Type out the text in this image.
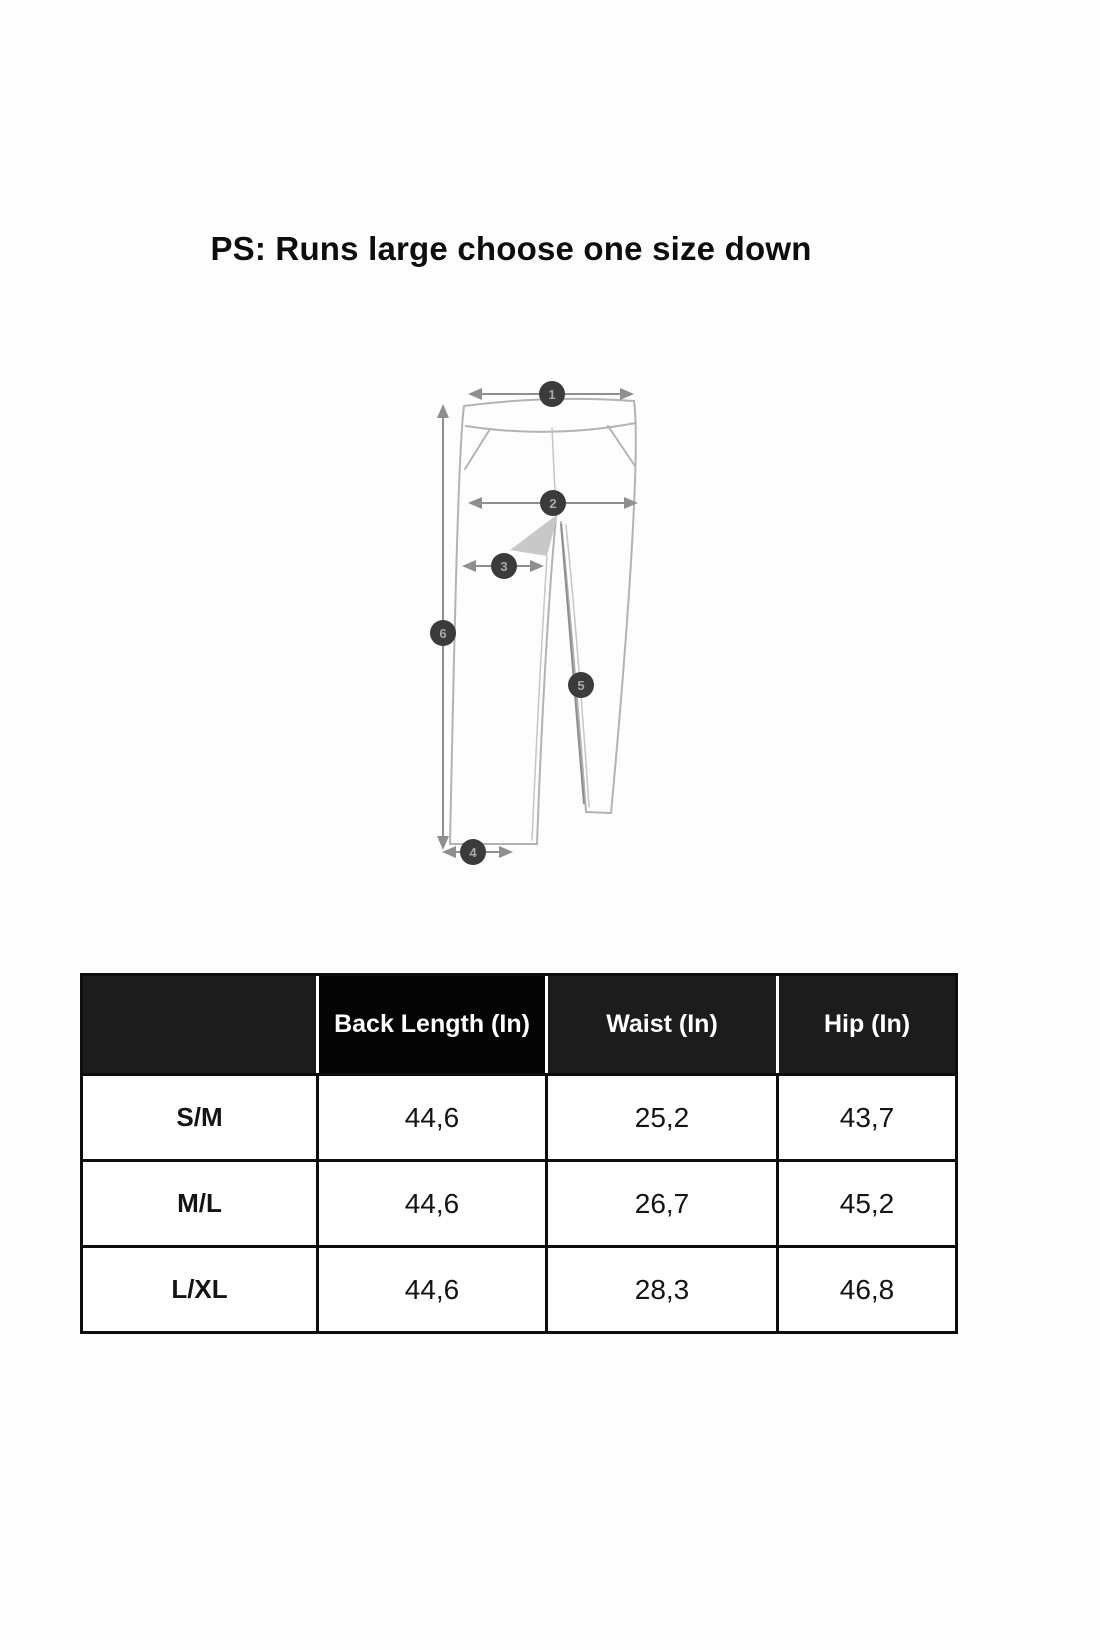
PS: Runs large choose one size down
1
2
3
4
5
6
	Back Length (In)	Waist (In)	Hip (In)
S/M	44,6	25,2	43,7
M/L	44,6	26,7	45,2
L/XL	44,6	28,3	46,8
